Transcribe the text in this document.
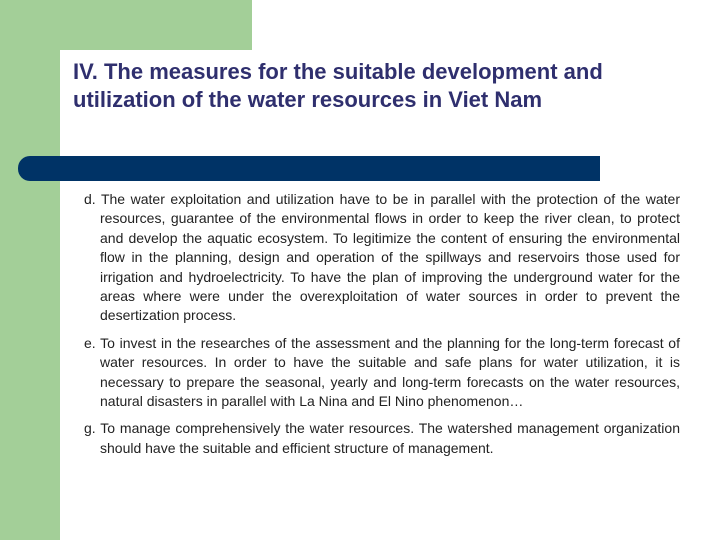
IV. The measures for the suitable development and utilization of the water resources in Viet Nam

d. The water exploitation and utilization have to be in parallel with the protection of the water resources, guarantee of the environmental flows in order to keep the river clean, to protect and develop the aquatic ecosystem. To legitimize the content of ensuring the environmental flow in the planning, design and operation of the spillways and reservoirs those used for irrigation and hydroelectricity. To have the plan of improving the underground water for the areas where were under the overexploitation of water sources in order to prevent the desertization process.

e. To invest in the researches of the assessment and the planning for the long-term forecast of water resources. In order to have the suitable and safe plans for water utilization, it is necessary to prepare the seasonal, yearly and long-term forecasts on the water resources, natural disasters in parallel with La Nina and El Nino phenomenon…

g. To manage comprehensively the water resources. The watershed management organization should have the suitable and efficient structure of management.
